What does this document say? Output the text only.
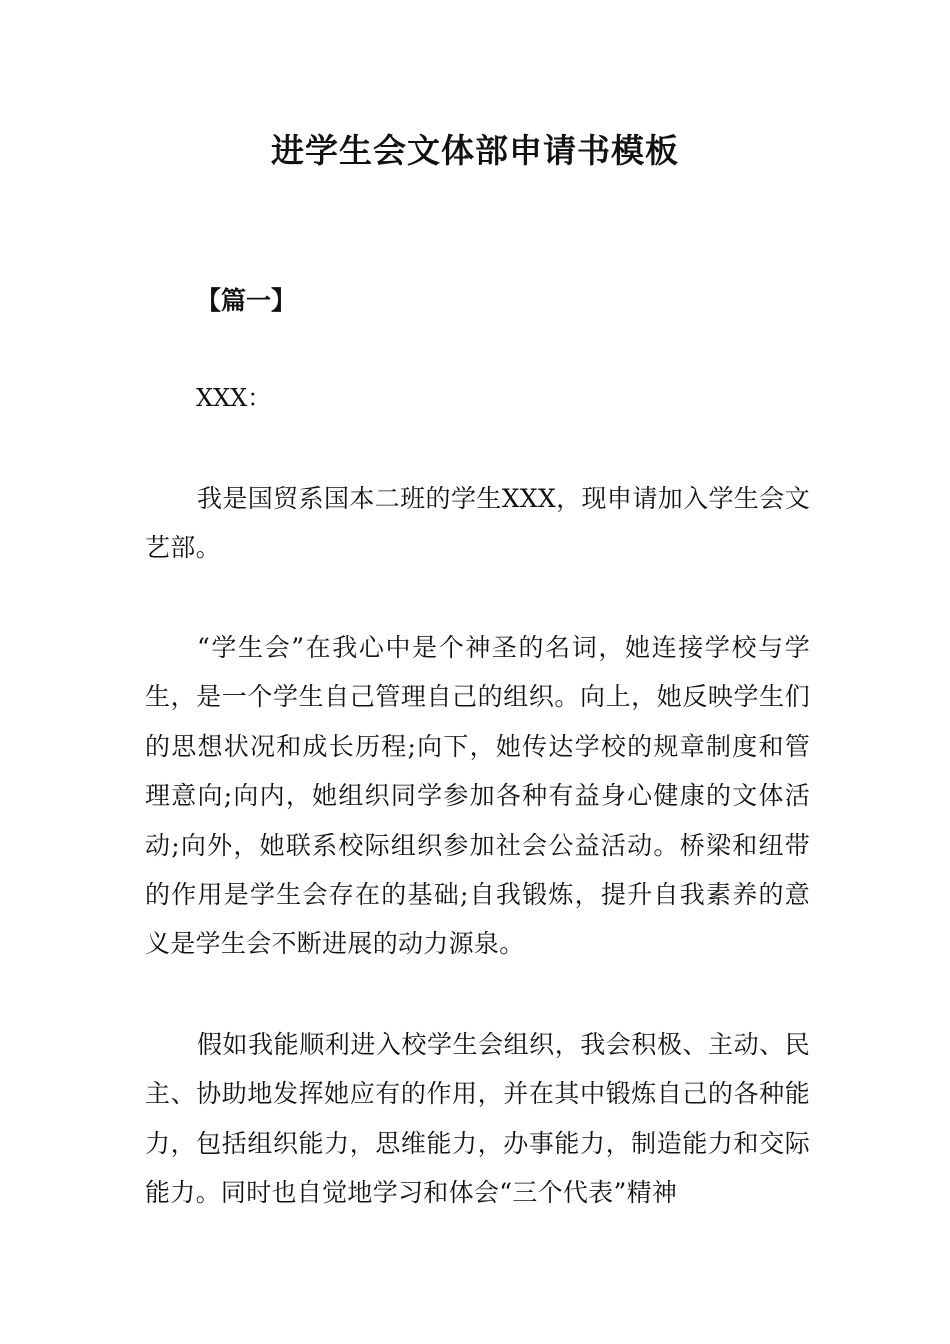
进学生会文体部申请书模板

【篇一】

XXX：

我是国贸系国本二班的学生XXX，现申请加入学生会文艺部。

“学生会”在我心中是个神圣的名词，她连接学校与学生，是一个学生自己管理自己的组织。向上，她反映学生们的思想状况和成长历程;向下，她传达学校的规章制度和管理意向;向内，她组织同学参加各种有益身心健康的文体活动;向外，她联系校际组织参加社会公益活动。桥梁和纽带的作用是学生会存在的基础;自我锻炼，提升自我素养的意义是学生会不断进展的动力源泉。

假如我能顺利进入校学生会组织，我会积极、主动、民主、协助地发挥她应有的作用，并在其中锻炼自己的各种能力，包括组织能力，思维能力，办事能力，制造能力和交际能力。同时也自觉地学习和体会“三个代表”精神
